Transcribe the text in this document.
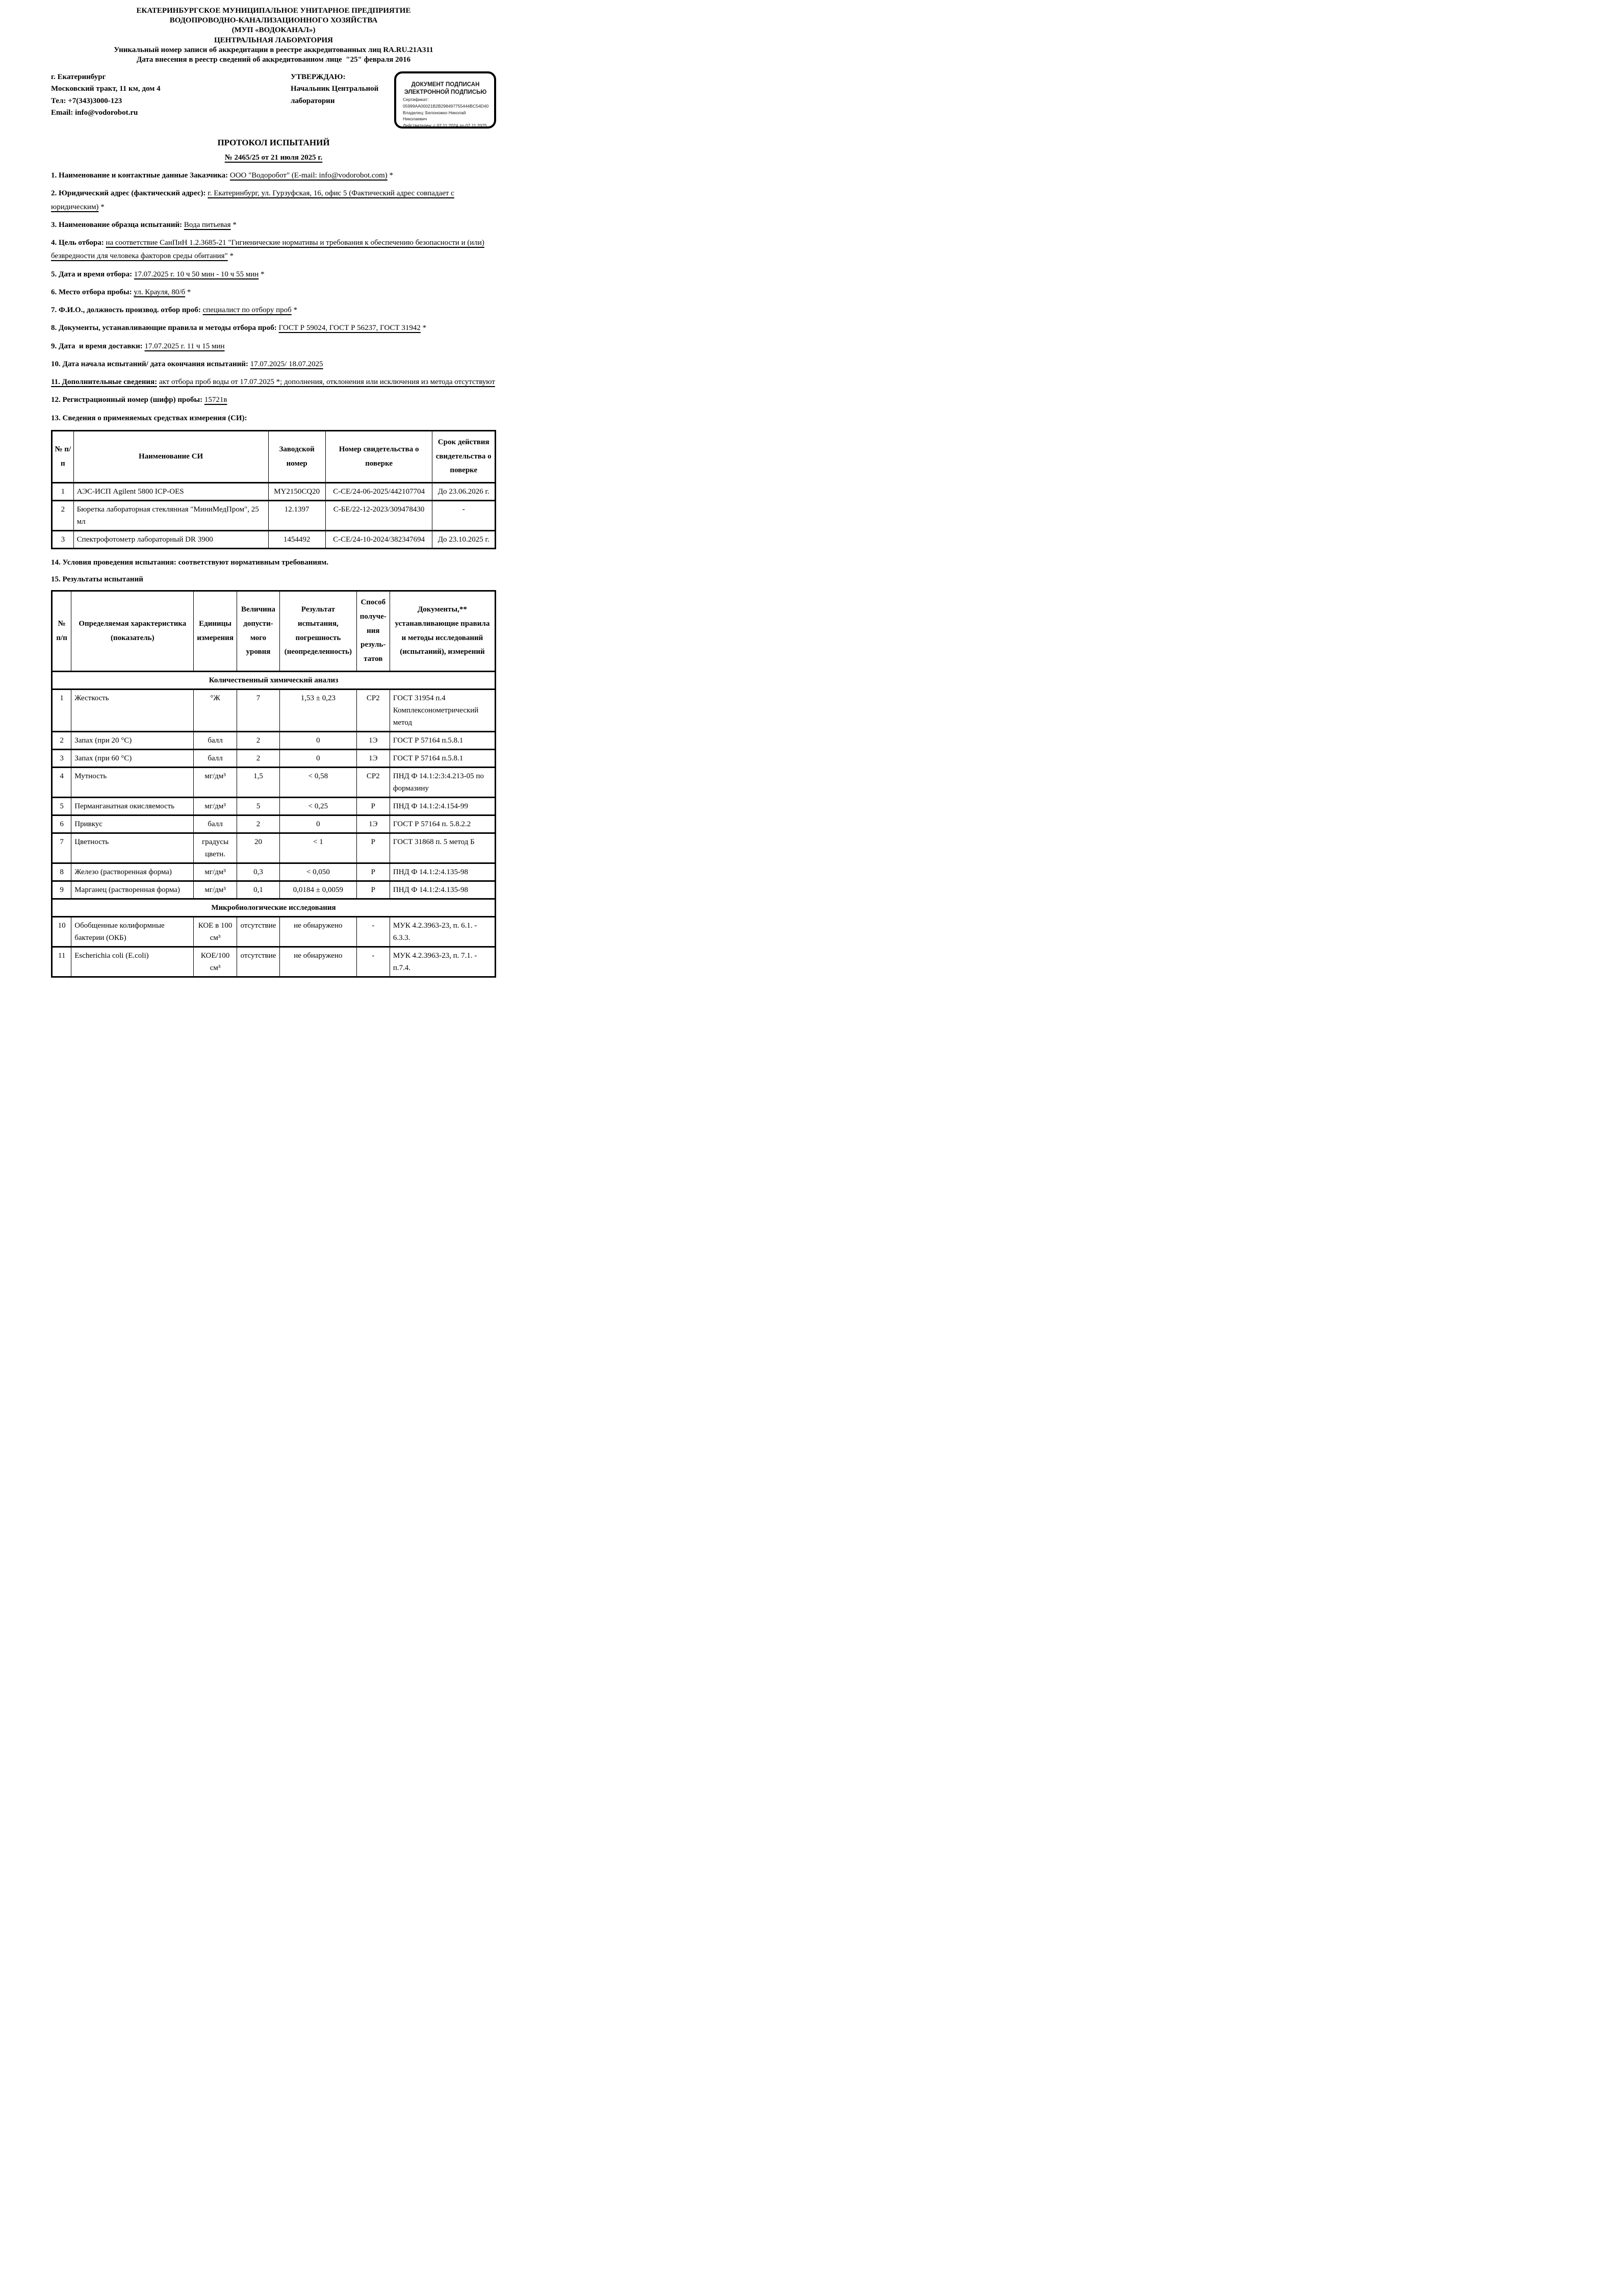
ЕКАТЕРИНБУРГСКОЕ МУНИЦИПАЛЬНОЕ УНИТАРНОЕ ПРЕДПРИЯТИЕ
ВОДОПРОВОДНО-КАНАЛИЗАЦИОННОГО ХОЗЯЙСТВА
(МУП «ВОДОКАНАЛ»)
ЦЕНТРАЛЬНАЯ ЛАБОРАТОРИЯ
Уникальный номер записи об аккредитации в реестре аккредитованных лиц RA.RU.21А311
Дата внесения в реестр сведений об аккредитованном лице  "25" февраля 2016
г. Екатеринбург
Московский тракт, 11 км, дом 4
Тел: +7(343)3000-123
Email: info@vodorobot.ru
УТВЕРЖДАЮ:
Начальник Центральной
лаборатории
ДОКУМЕНТ ПОДПИСАН
ЭЛЕКТРОННОЙ ПОДПИСЬЮ
Сертификат: 05999AA00021B2B298497755444BC54D40
Владелец: Белоножко Николай Николаевич
Действителен: с 07.11.2024 до 07.11.2025
ПРОТОКОЛ ИСПЫТАНИЙ
№ 2465/25 от 21 июля 2025 г.
1. Наименование и контактные данные Заказчика: ООО "Водоробот" (E-mail: info@vodorobot.com) *
2. Юридический адрес (фактический адрес): г. Екатеринбург, ул. Гурзуфская, 16, офис 5 (Фактический адрес совпадает с юридическим) *
3. Наименование образца испытаний: Вода питьевая *
4. Цель отбора: на соответствие СанПиН 1.2.3685-21 "Гигиенические нормативы и требования к обеспечению безопасности и (или) безвредности для человека факторов среды обитания" *
5. Дата и время отбора: 17.07.2025 г. 10 ч 50 мин - 10 ч 55 мин *
6. Место отбора пробы: ул. Крауля, 80/б *
7. Ф.И.О., должность производ. отбор проб: специалист по отбору проб *
8. Документы, устанавливающие правила и методы отбора проб: ГОСТ Р 59024, ГОСТ Р 56237, ГОСТ 31942 *
9. Дата  и время доставки: 17.07.2025 г. 11 ч 15 мин
10. Дата начала испытаний/ дата окончания испытаний: 17.07.2025/ 18.07.2025
11. Дополнительные сведения: акт отбора проб воды от 17.07.2025 *; дополнения, отклонения или исключения из метода отсутствуют
12. Регистрационный номер (шифр) пробы: 15721в
13. Сведения о применяемых средствах измерения (СИ):
№ п/п	Наименование СИ	Заводской номер	Номер свидетельства о поверке	Срок действия свидетельства о поверке
1	АЭС-ИСП Agilent 5800 ICP-OES	MY2150CQ20	С-СЕ/24-06-2025/442107704	До 23.06.2026 г.
2	Бюретка лабораторная стеклянная "МиниМедПром", 25 мл	12.1397	С-БЕ/22-12-2023/309478430	-
3	Спектрофотометр лабораторный DR 3900	1454492	С-СЕ/24-10-2024/382347694	До 23.10.2025 г.

14. Условия проведения испытания: соответствуют нормативным требованиям.

15. Результаты испытаний

№ п/п	Определяемая характеристика (показатель)	Единицы измерения	Величина допусти- мого уровня	Результат испытания, погрешность (неопределенность)	Способ получе- ния резуль- татов	Документы,** устанавливающие правила и методы исследований (испытаний), измерений
Количественный химический анализ						
1	Жесткость	°Ж	7	1,53 ± 0,23	СР2	ГОСТ 31954 п.4 Комплексонометрический метод
2	Запах (при 20 °С)	балл	2	0	1Э	ГОСТ Р 57164 п.5.8.1
3	Запах (при 60 °С)	балл	2	0	1Э	ГОСТ Р 57164 п.5.8.1
4	Мутность	мг/дм³	1,5	< 0,58	СР2	ПНД Ф 14.1:2:3:4.213-05 по формазину
5	Перманганатная окисляемость	мг/дм³	5	< 0,25	Р	ПНД Ф 14.1:2:4.154-99
6	Привкус	балл	2	0	1Э	ГОСТ Р 57164 п. 5.8.2.2
7	Цветность	градусы цветн.	20	< 1	Р	ГОСТ 31868 п. 5 метод Б
8	Железо (растворенная форма)	мг/дм³	0,3	< 0,050	Р	ПНД Ф 14.1:2:4.135-98
9	Марганец (растворенная форма)	мг/дм³	0,1	0,0184 ± 0,0059	Р	ПНД Ф 14.1:2:4.135-98
Микробиологические исследования						
10	Обобщенные колиформные бактерии (ОКБ)	КОЕ в 100 см³	отсутствие	не обнаружено	-	МУК 4.2.3963-23, п. 6.1. - 6.3.3.
11	Escherichia coli (E.coli)	КОЕ/100 см³	отсутствие	не обнаружено	-	МУК 4.2.3963-23, п. 7.1. - п.7.4.
